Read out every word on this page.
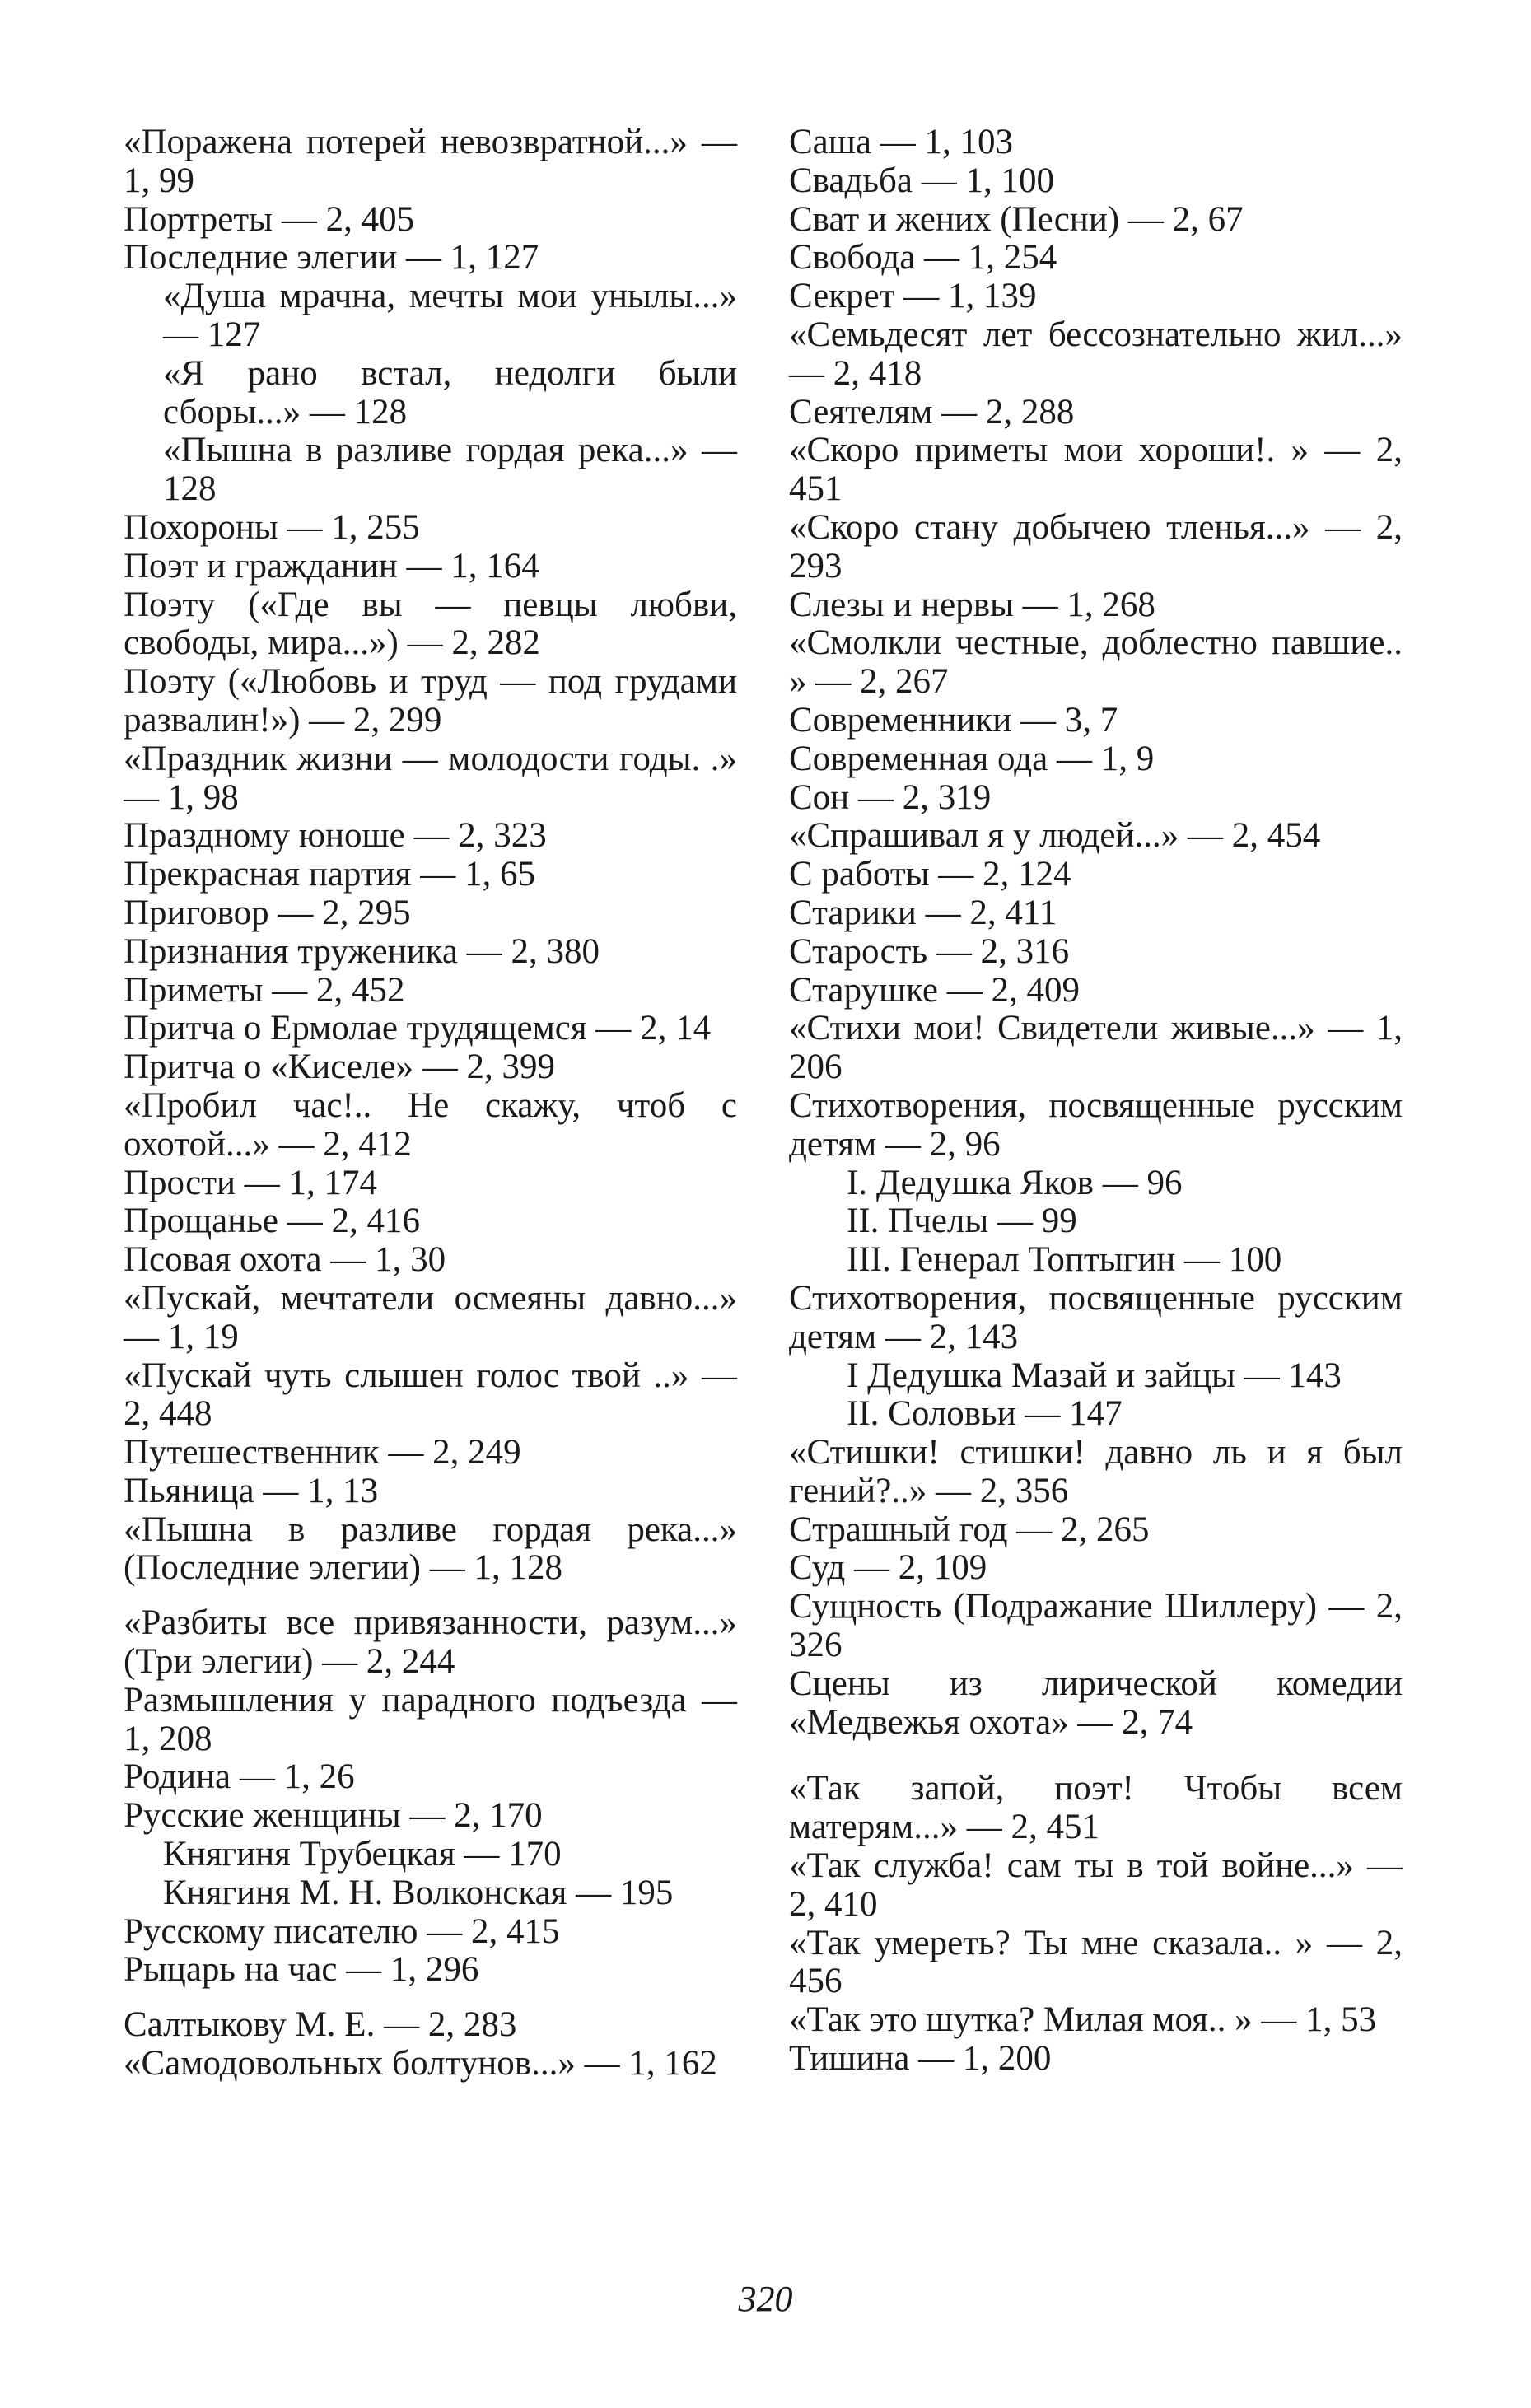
«Поражена потерей невозвратной...» — 1, 99
Портреты — 2, 405
Последние элегии — 1, 127
«Душа мрачна, мечты мои унылы...» — 127
«Я рано встал, недолги были сборы...» — 128
«Пышна в разливе гордая река...» — 128
Похороны — 1, 255
Поэт и гражданин — 1, 164
Поэту («Где вы — певцы любви, свободы, мира...») — 2, 282
Поэту («Любовь и труд — под грудами развалин!») — 2, 299
«Праздник жизни — молодости годы. .» — 1, 98
Праздному юноше — 2, 323
Прекрасная партия — 1, 65
Приговор — 2, 295
Признания труженика — 2, 380
Приметы — 2, 452
Притча о Ермолае трудящемся — 2, 14
Притча о «Киселе» — 2, 399
«Пробил час!.. Не скажу, чтоб с охотой...» — 2, 412
Прости — 1, 174
Прощанье — 2, 416
Псовая охота — 1, 30
«Пускай, мечтатели осмеяны давно...» — 1, 19
«Пускай чуть слышен голос твой ..» — 2, 448
Путешественник — 2, 249
Пьяница — 1, 13
«Пышна в разливе гордая река...» (Последние элегии) — 1, 128
«Разбиты все привязанности, разум...» (Три элегии) — 2, 244
Размышления у парадного подъезда — 1, 208
Родина — 1, 26
Русские женщины — 2, 170
Княгиня Трубецкая — 170
Княгиня М. Н. Волконская — 195
Русскому писателю — 2, 415
Рыцарь на час — 1, 296
Салтыкову М. Е. — 2, 283
«Самодовольных болтунов...» — 1, 162
Саша — 1, 103
Свадьба — 1, 100
Сват и жених (Песни) — 2, 67
Свобода — 1, 254
Секрет — 1, 139
«Семьдесят лет бессознательно жил...» — 2, 418
Сеятелям — 2, 288
«Скоро приметы мои хороши!. » — 2, 451
«Скоро стану добычею тленья...» — 2, 293
Слезы и нервы — 1, 268
«Смолкли честные, доблестно павшие.. » — 2, 267
Современники — 3, 7
Современная ода — 1, 9
Сон — 2, 319
«Спрашивал я у людей...» — 2, 454
С работы — 2, 124
Старики — 2, 411
Старость — 2, 316
Старушке — 2, 409
«Стихи мои! Свидетели живые...» — 1, 206
Стихотворения, посвященные русским детям — 2, 96
I. Дедушка Яков — 96
II. Пчелы — 99
III. Генерал Топтыгин — 100
Стихотворения, посвященные русским детям — 2, 143
I Дедушка Мазай и зайцы — 143
II. Соловьи — 147
«Стишки! стишки! давно ль и я был гений?..» — 2, 356
Страшный год — 2, 265
Суд — 2, 109
Сущность (Подражание Шиллеру) — 2, 326
Сцены из лирической комедии «Медвежья охота» — 2, 74
«Так запой, поэт! Чтобы всем матерям...» — 2, 451
«Так служба! сам ты в той войне...» — 2, 410
«Так умереть? Ты мне сказала.. » — 2, 456
«Так это шутка? Милая моя.. » — 1, 53
Тишина — 1, 200
320
